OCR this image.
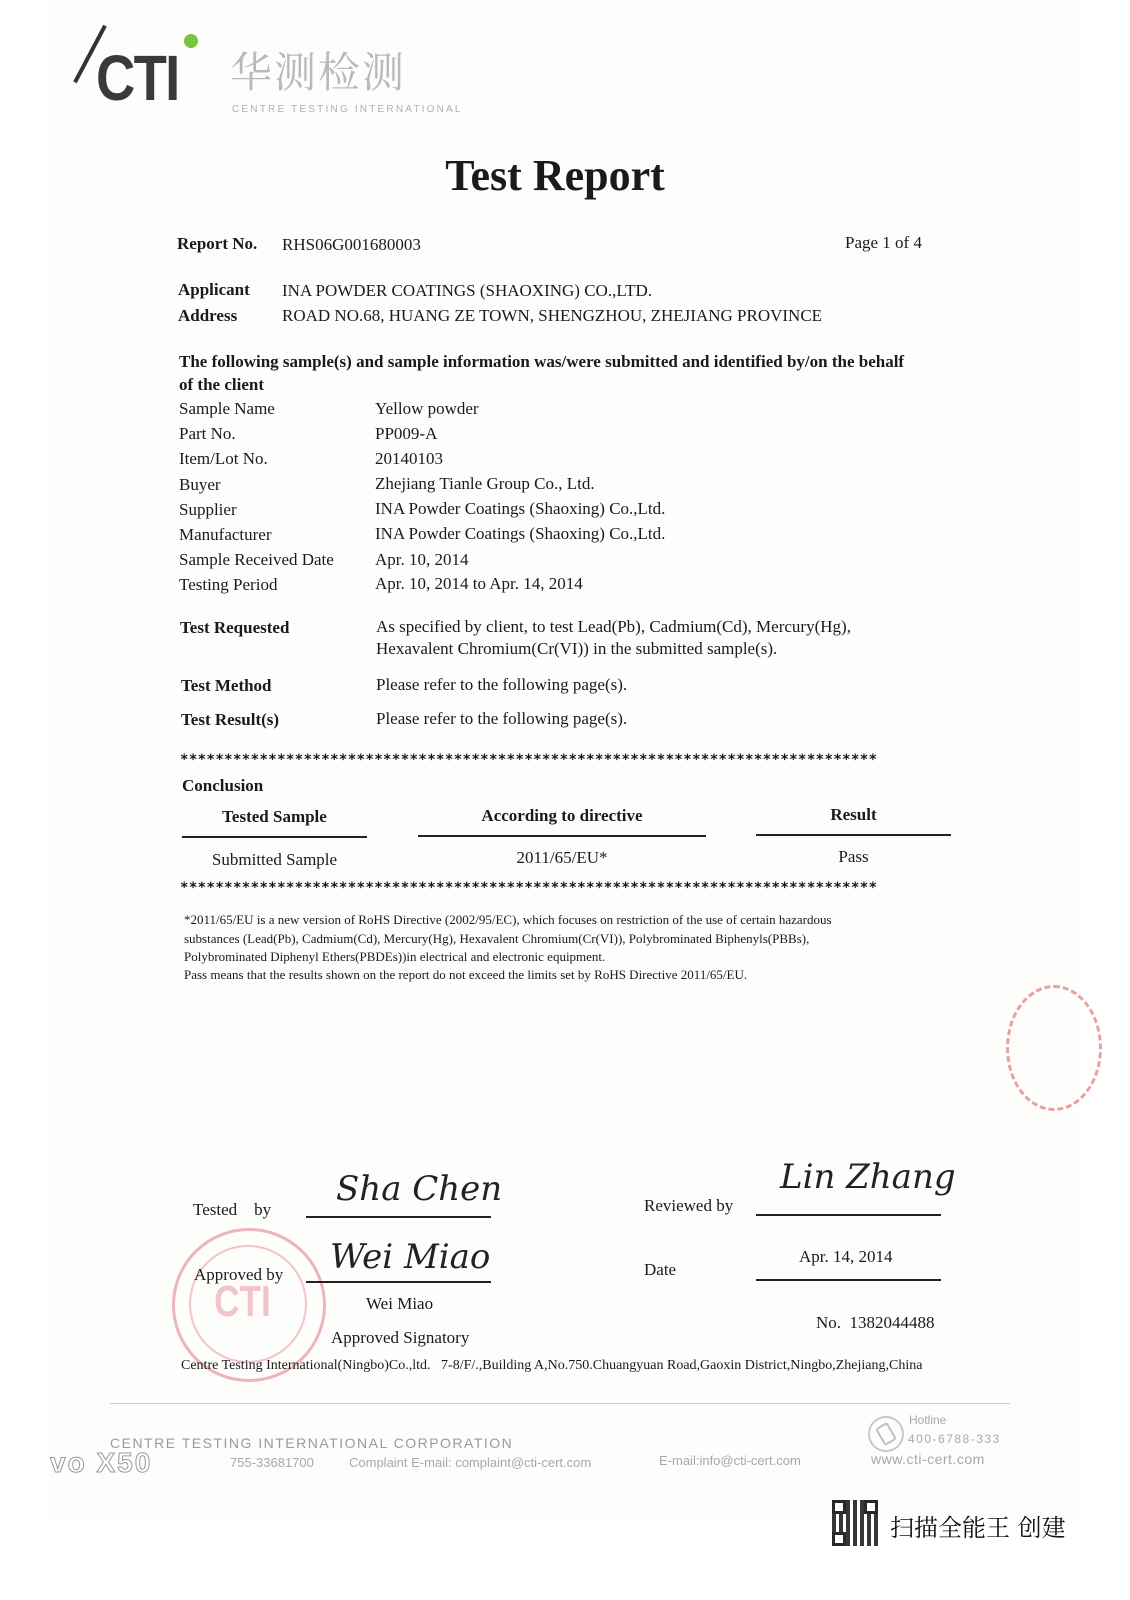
CTI 华测检测
CENTRE TESTING INTERNATIONAL
Test Report
Report No. RHS06G001680003	Page 1 of 4
Applicant INA POWDER COATINGS (SHAOXING) CO.,LTD.
Address	ROAD NO.68, HUANG ZE TOWN, SHENGZHOU, ZHEJIANG PROVINCE
The following sample(s) and sample information was/were submitted and identified by/on the behalf of the client
Sample Name	Yellow powder
Part No.	PP009-A
Item/Lot No.	20140103
Buyer	Zhejiang Tianle Group Co., Ltd.
Supplier	INA Powder Coatings (Shaoxing) Co.,Ltd.
Manufacturer	INA Powder Coatings (Shaoxing) Co.,Ltd.
Sample Received Date Apr. 10, 2014
Testing Period	Apr. 10, 2014 to Apr. 14, 2014
Test Requested	As specified by client, to test Lead(Pb), Cadmium(Cd), Mercury(Hg),
Hexavalent Chromium(Cr(VI)) in the submitted sample(s).
Test Method	Please refer to the following page(s).
Test Result(s)	Please refer to the following page(s).
*******************************************************************************
Conclusion
Tested Sample	According to directive	Result
Submitted Sample	2011/65/EU*	Pass
*******************************************************************************
*2011/65/EU is a new version of RoHS Directive (2002/95/EC), which focuses on restriction of the use of certain hazardous
substances (Lead(Pb), Cadmium(Cd), Mercury(Hg), Hexavalent Chromium(Cr(VI)), Polybrominated Biphenyls(PBBs),
Polybrominated Diphenyl Ethers(PBDEs))in electrical and electronic equipment.
Pass means that the results shown on the report do not exceed the limits set by RoHS Directive 2011/65/EU.
Tested    by
Sha Chen	Reviewed by
Lin Zhang
CTI
Approved by Wei Miao
Wei Miao
Approved Signatory
Date
Apr. 14, 2014
No.  1382044488
Centre Testing International(Ningbo)Co.,ltd.   7-8/F/.,Building A,No.750.Chuangyuan Road,Gaoxin District,Ningbo,Zhejiang,China
CENTRE TESTING INTERNATIONAL CORPORATION
755-33681700	Complaint E-mail: complaint@cti-cert.com	E-mail:info@cti-cert.com
Hotline
400-6788-333
www.cti-cert.com
vo X50
扫描全能王 创建
